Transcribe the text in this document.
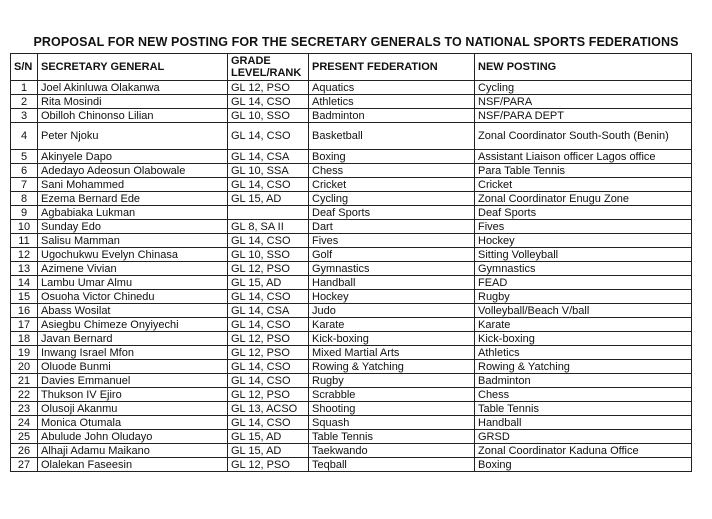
PROPOSAL FOR NEW POSTING FOR THE SECRETARY GENERALS TO NATIONAL SPORTS FEDERATIONS
S/N	SECRETARY GENERAL	GRADE LEVEL/RANK	PRESENT FEDERATION	NEW POSTING
1	Joel Akinluwa Olakanwa	GL 12, PSO	Aquatics	Cycling
2	Rita Mosindi	GL 14, CSO	Athletics	NSF/PARA
3	Obilloh Chinonso Lilian	GL 10, SSO	Badminton	NSF/PARA DEPT
4	Peter Njoku	GL 14, CSO	Basketball	Zonal Coordinator South-South (Benin)
5	Akinyele Dapo	GL 14, CSA	Boxing	Assistant Liaison officer Lagos office
6	Adedayo Adeosun Olabowale	GL 10, SSA	Chess	Para Table Tennis
7	Sani Mohammed	GL 14, CSO	Cricket	Cricket
8	Ezema Bernard Ede	GL 15, AD	Cycling	Zonal Coordinator Enugu Zone
9	Agbabiaka Lukman		Deaf Sports	Deaf Sports
10	Sunday Edo	GL 8, SA II	Dart	Fives
11	Salisu Mamman	GL 14, CSO	Fives	Hockey
12	Ugochukwu Evelyn Chinasa	GL 10, SSO	Golf	Sitting Volleyball
13	Azimene Vivian	GL 12, PSO	Gymnastics	Gymnastics
14	Lambu Umar Almu	GL 15, AD	Handball	FEAD
15	Osuoha Victor Chinedu	GL 14, CSO	Hockey	Rugby
16	Abass Wosilat	GL 14, CSA	Judo	Volleyball/Beach V/ball
17	Asiegbu Chimeze Onyiyechi	GL 14, CSO	Karate	Karate
18	Javan Bernard	GL 12, PSO	Kick-boxing	Kick-boxing
19	Inwang Israel Mfon	GL 12, PSO	Mixed Martial Arts	Athletics
20	Oluode Bunmi	GL 14, CSO	Rowing & Yatching	Rowing & Yatching
21	Davies Emmanuel	GL 14, CSO	Rugby	Badminton
22	Thukson IV Ejiro	GL 12, PSO	Scrabble	Chess
23	Olusoji Akanmu	GL 13, ACSO	Shooting	Table Tennis
24	Monica Otumala	GL 14, CSO	Squash	Handball
25	Abulude John Oludayo	GL 15, AD	Table Tennis	GRSD
26	Alhaji Adamu Maikano	GL 15, AD	Taekwando	Zonal Coordinator Kaduna Office
27	Olalekan Faseesin	GL 12, PSO	Teqball	Boxing
